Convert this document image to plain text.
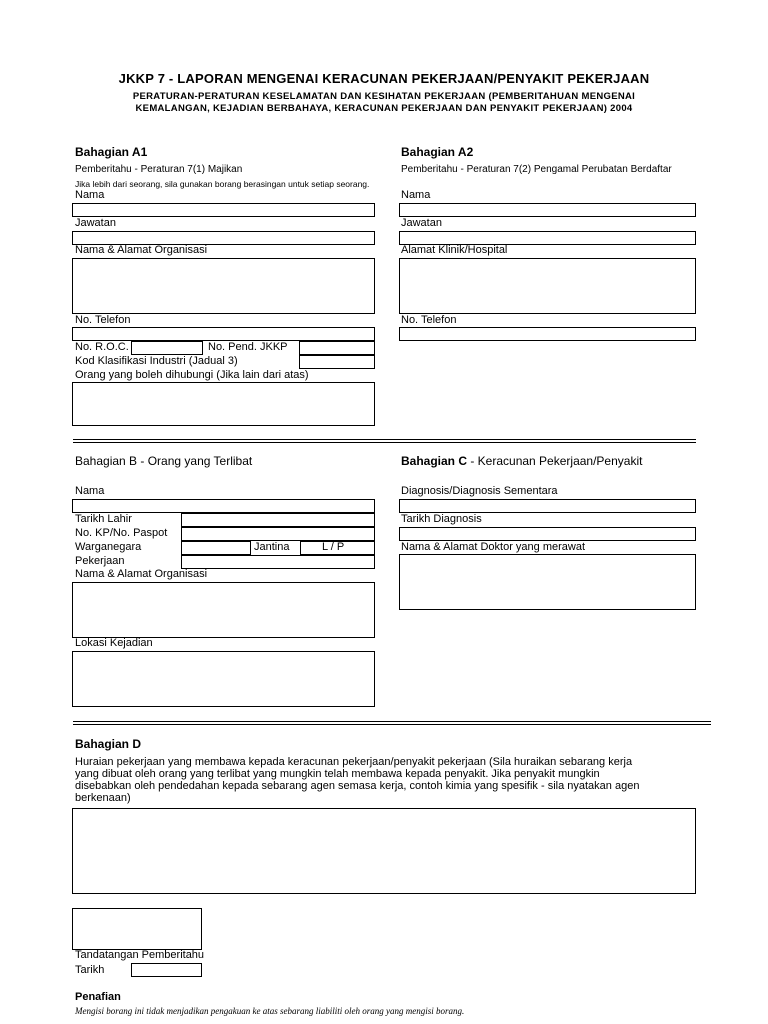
JKKP 7 - LAPORAN MENGENAI KERACUNAN PEKERJAAN/PENYAKIT PEKERJAAN
PERATURAN-PERATURAN KESELAMATAN DAN KESIHATAN PEKERJAAN (PEMBERITAHUAN MENGENAI
KEMALANGAN, KEJADIAN BERBAHAYA, KERACUNAN PEKERJAAN DAN PENYAKIT PEKERJAAN) 2004
Bahagian A1
Pemberitahu - Peraturan 7(1) Majikan
Jika lebih dari seorang, sila gunakan borang berasingan untuk setiap seorang.
Nama
Jawatan
Nama & Alamat Organisasi
No. Telefon
No. R.O.C.	No. Pend. JKKP
Kod Klasifikasi Industri (Jadual 3)
Orang yang boleh dihubungi (Jika lain dari atas)
Bahagian A2
Pemberitahu - Peraturan 7(2) Pengamal Perubatan Berdaftar
Nama
Jawatan
Alamat Klinik/Hospital
No. Telefon
Bahagian B - Orang yang Terlibat
Nama
Tarikh Lahir
No. KP/No. Paspot
Warganegara	Jantina	L / P
Pekerjaan
Nama & Alamat Organisasi
Lokasi Kejadian
Bahagian C - Keracunan Pekerjaan/Penyakit
Diagnosis/Diagnosis Sementara
Tarikh Diagnosis
Nama & Alamat Doktor yang merawat
Bahagian D
Huraian pekerjaan yang membawa kepada keracunan pekerjaan/penyakit pekerjaan (Sila huraikan sebarang kerja
yang dibuat oleh orang yang terlibat yang mungkin telah membawa kepada penyakit. Jika penyakit mungkin
disebabkan oleh pendedahan kepada sebarang agen semasa kerja, contoh kimia yang spesifik - sila nyatakan agen
berkenaan)
Tandatangan Pemberitahu
Tarikh
Penafian
Mengisi borang ini tidak menjadikan pengakuan ke atas sebarang liabiliti oleh orang yang mengisi borang.
